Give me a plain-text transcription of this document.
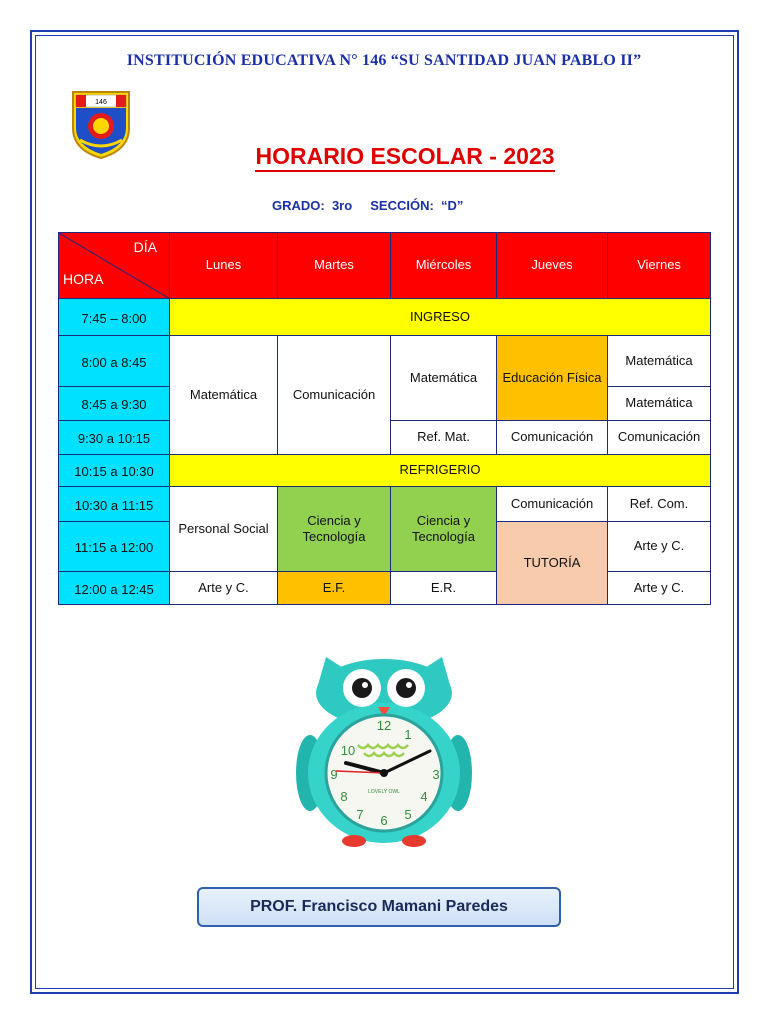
INSTITUCIÓN EDUCATIVA N° 146 “SU SANTIDAD JUAN PABLO II”
146
HORARIO ESCOLAR - 2023
GRADO: 3ro SECCIÓN: “D”
DÍA
HORA	Lunes	Martes	Miércoles	Jueves	Viernes
7:45 – 8:00	INGRESO				
8:00 a 8:45	Matemática	Comunicación	Matemática	Educación Física	Matemática
8:45 a 9:30					Matemática
9:30 a 10:15			Ref. Mat.	Comunicación	Comunicación
10:15 a 10:30	REFRIGERIO				
10:30 a 11:15	Personal Social	Ciencia y Tecnología	Ciencia y Tecnología	Comunicación	Ref. Com.
11:15 a 12:00				TUTORÍA	Arte y C.
12:00 a 12:45	Arte y C.	E.F.	E.R.		Arte y C.
12
3
6
9
1
10
5
7
8	4
LOVELY OWL
PROF. Francisco Mamani Paredes
